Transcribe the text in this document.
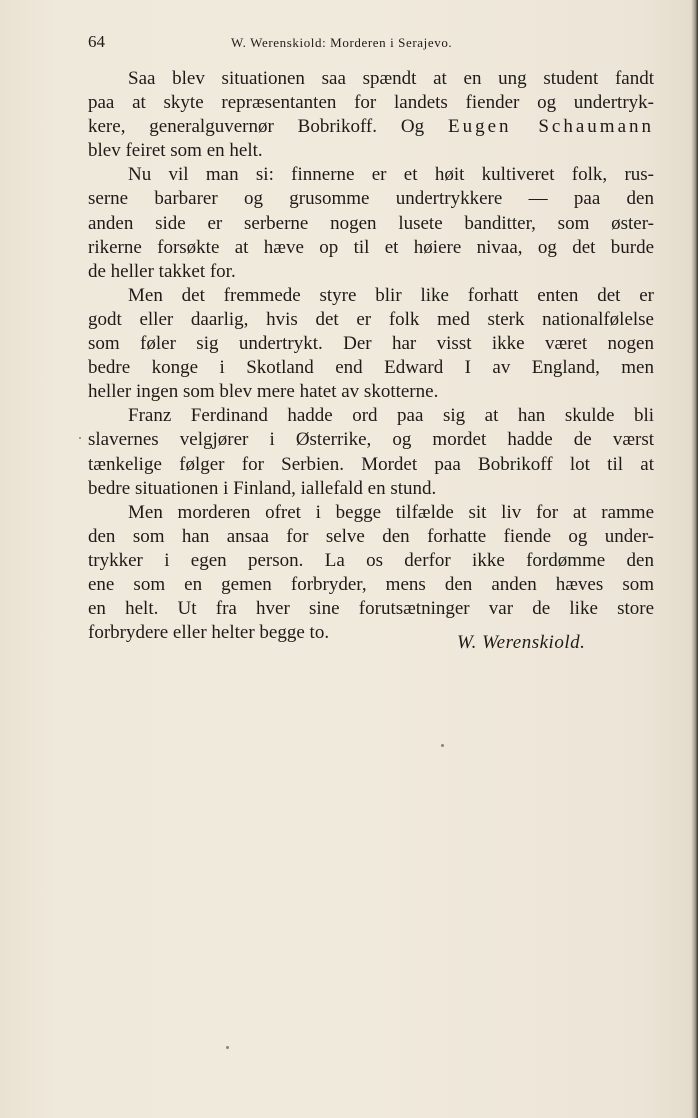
64	W. Werenskiold: Morderen i Serajevo.
Saa blev situationen saa spændt at en ung student fandt
paa at skyte repræsentanten for landets fiender og undertryk-
kere, generalguvernør Bobrikoff. Og Eugen Schaumann
blev feiret som en helt.
Nu vil man si: finnerne er et høit kultiveret folk, rus-
serne barbarer og grusomme undertrykkere — paa den
anden side er serberne nogen lusete banditter, som øster-
rikerne forsøkte at hæve op til et høiere nivaa, og det burde
de heller takket for.
Men det fremmede styre blir like forhatt enten det er
godt eller daarlig, hvis det er folk med sterk nationalfølelse
som føler sig undertrykt. Der har visst ikke været nogen
bedre konge i Skotland end Edward I av England, men
heller ingen som blev mere hatet av skotterne.
Franz Ferdinand hadde ord paa sig at han skulde bli
slavernes velgjører i Østerrike, og mordet hadde de værst
tænkelige følger for Serbien. Mordet paa Bobrikoff lot til at
bedre situationen i Finland, iallefald en stund.
Men morderen ofret i begge tilfælde sit liv for at ramme
den som han ansaa for selve den forhatte fiende og under-
trykker i egen person. La os derfor ikke fordømme den
ene som en gemen forbryder, mens den anden hæves som
en helt. Ut fra hver sine forutsætninger var de like store
forbrydere eller helter begge to.	W. Werenskiold.
